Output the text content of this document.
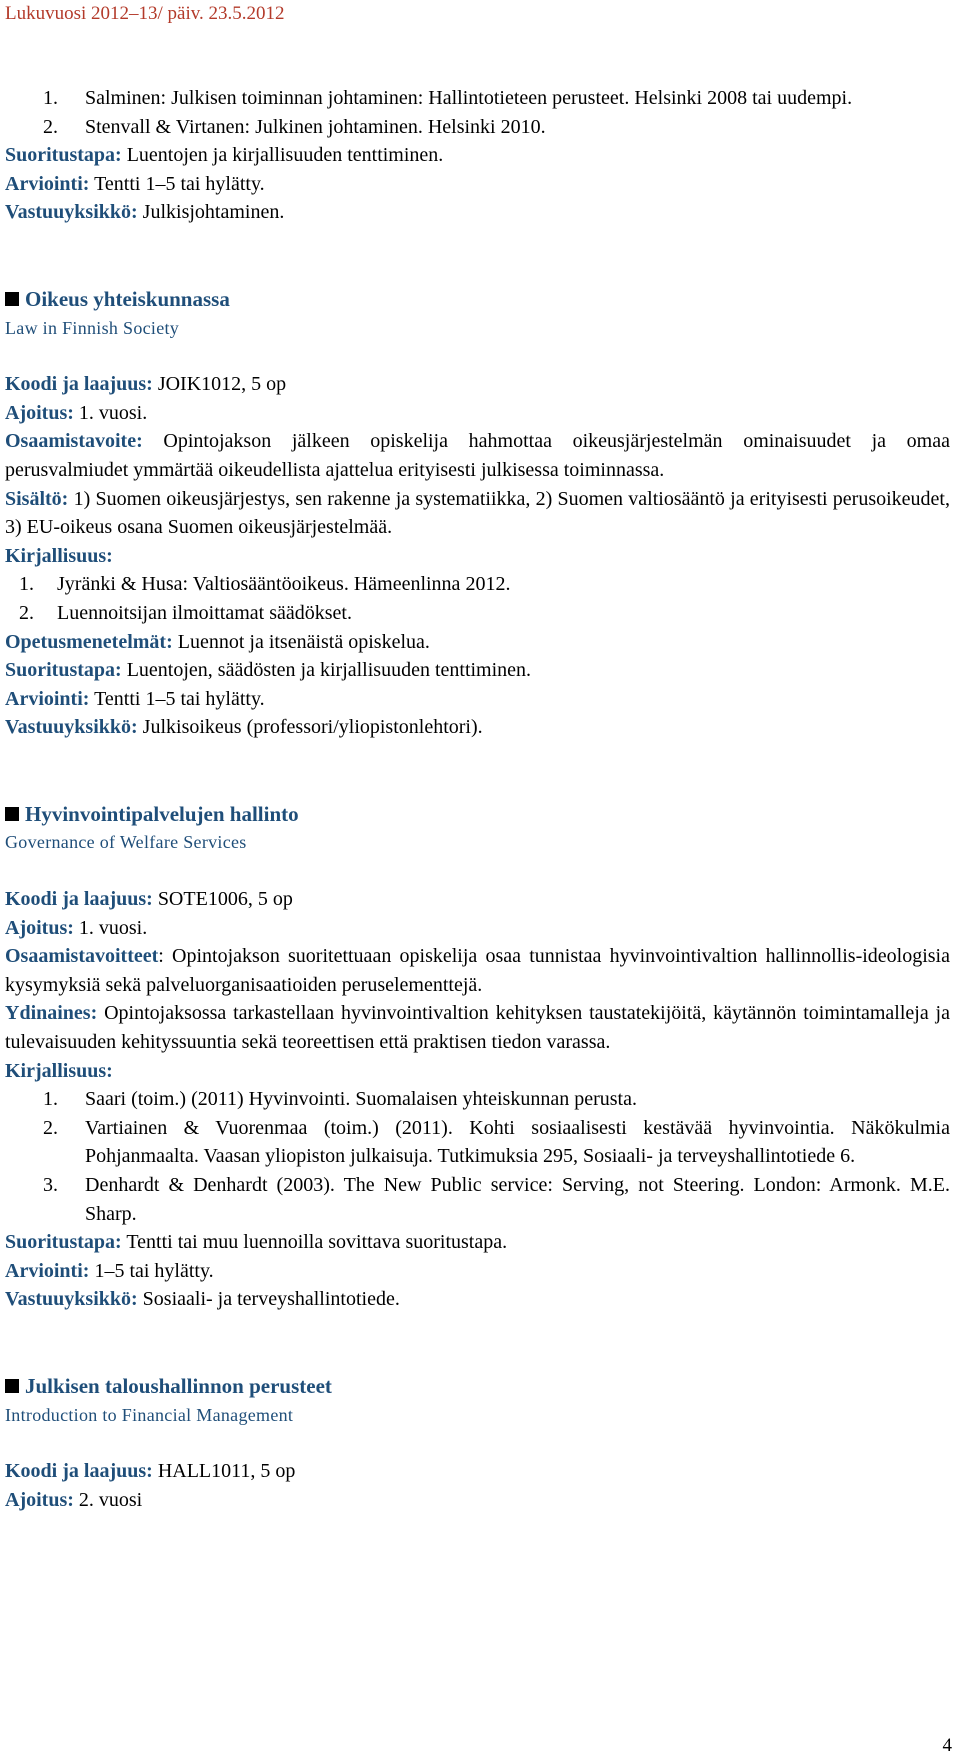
Lukuvuosi 2012–13/ päiv. 23.5.2012
1. Salminen: Julkisen toiminnan johtaminen: Hallintotieteen perusteet. Helsinki 2008 tai uudempi.
2. Stenvall & Virtanen: Julkinen johtaminen. Helsinki 2010.

Suoritustapa: Luentojen ja kirjallisuuden tenttiminen.

Arviointi: Tentti 1–5 tai hylätty.

Vastuuyksikkö: Julkisjohtaminen.

Oikeus yhteiskunnassa

Law in Finnish Society

Koodi ja laajuus: JOIK1012, 5 op

Ajoitus: 1. vuosi.

Osaamistavoite: Opintojakson jälkeen opiskelija hahmottaa oikeusjärjestelmän ominaisuudet ja omaa perusvalmiudet ymmärtää oikeudellista ajattelua erityisesti julkisessa toiminnassa.

Sisältö: 1) Suomen oikeusjärjestys, sen rakenne ja systematiikka, 2) Suomen valtiosääntö ja erityisesti perusoikeudet, 3) EU-oikeus osana Suomen oikeusjärjestelmää.

Kirjallisuus:

1. Jyränki & Husa: Valtiosääntöoikeus. Hämeenlinna 2012.
2. Luennoitsijan ilmoittamat säädökset.

Opetusmenetelmät: Luennot ja itsenäistä opiskelua.

Suoritustapa: Luentojen, säädösten ja kirjallisuuden tenttiminen.

Arviointi: Tentti 1–5 tai hylätty.

Vastuuyksikkö: Julkisoikeus (professori/yliopistonlehtori).

Hyvinvointipalvelujen hallinto

Governance of Welfare Services

Koodi ja laajuus: SOTE1006, 5 op

Ajoitus: 1. vuosi.

Osaamistavoitteet: Opintojakson suoritettuaan opiskelija osaa tunnistaa hyvinvointivaltion hallinnollis-ideologisia kysymyksiä sekä palveluorganisaatioiden peruselementtejä.

Ydinaines: Opintojaksossa tarkastellaan hyvinvointivaltion kehityksen taustatekijöitä, käytännön toimintamalleja ja tulevaisuuden kehityssuuntia sekä teoreettisen että praktisen tiedon varassa.

Kirjallisuus:

1. Saari (toim.) (2011) Hyvinvointi. Suomalaisen yhteiskunnan perusta.
2. Vartiainen & Vuorenmaa (toim.) (2011). Kohti sosiaalisesti kestävää hyvinvointia. Näkökulmia Pohjanmaalta. Vaasan yliopiston julkaisuja. Tutkimuksia 295, Sosiaali- ja terveyshallintotiede 6.
3. Denhardt & Denhardt (2003). The New Public service: Serving, not Steering. London: Armonk. M.E. Sharp.

Suoritustapa: Tentti tai muu luennoilla sovittava suoritustapa.

Arviointi: 1–5 tai hylätty.

Vastuuyksikkö: Sosiaali- ja terveyshallintotiede.

Julkisen taloushallinnon perusteet

Introduction to Financial Management

Koodi ja laajuus: HALL1011, 5 op

Ajoitus: 2. vuosi

4
